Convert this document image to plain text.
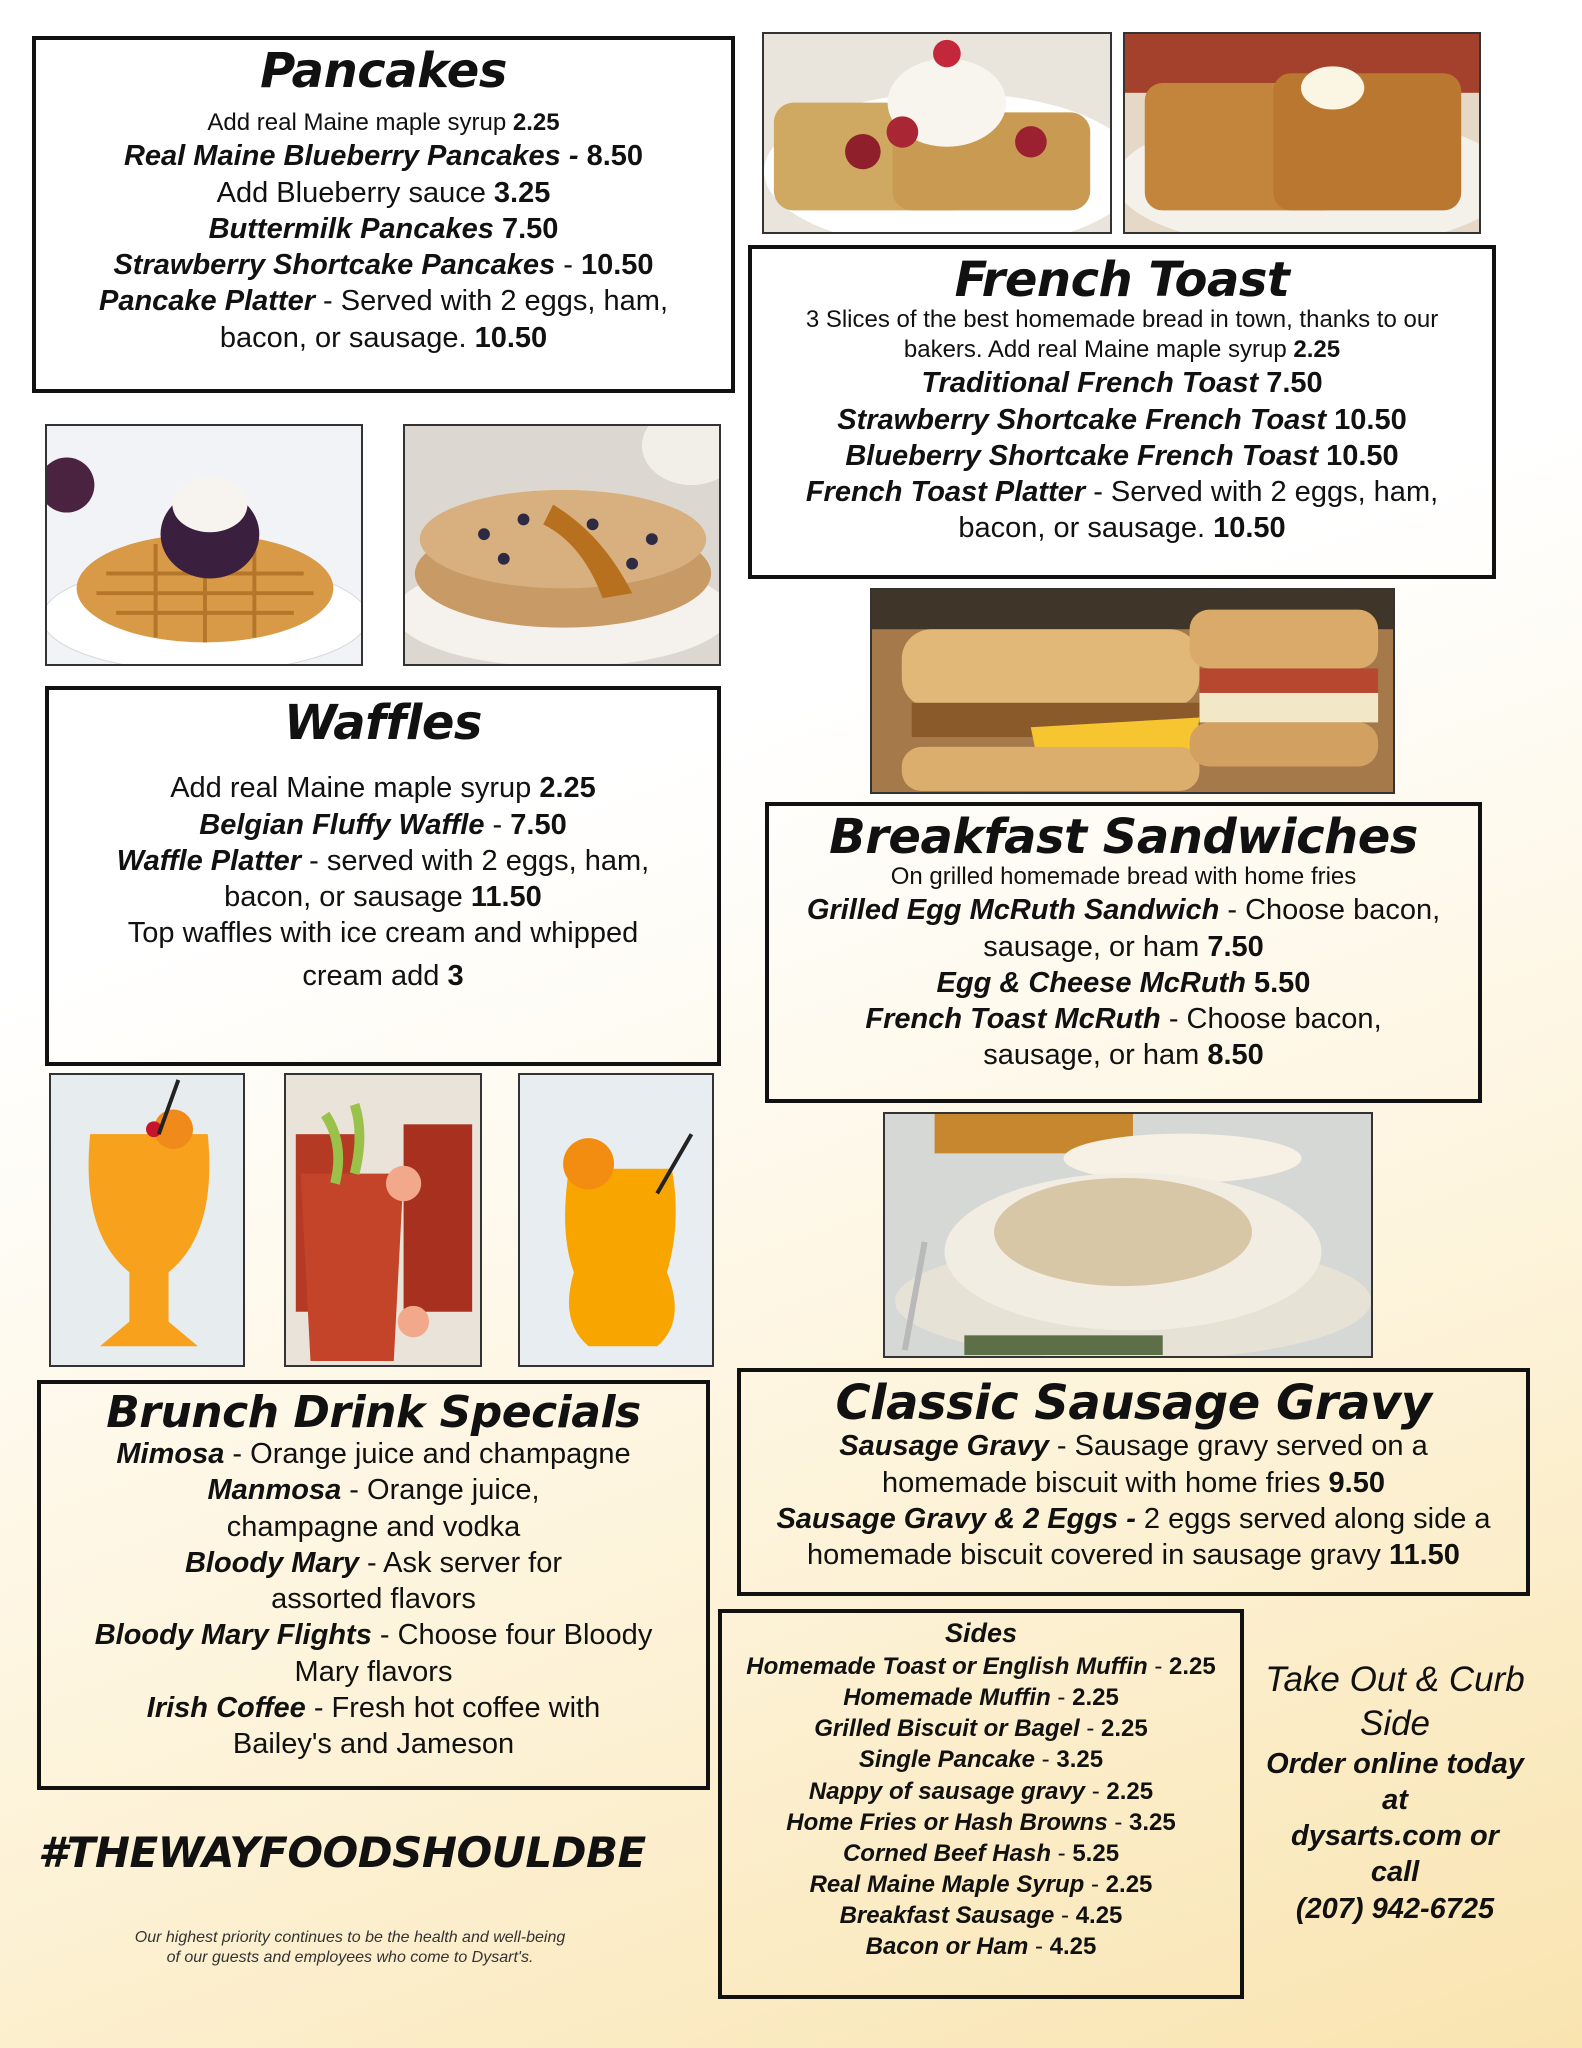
Pancakes
Add real Maine maple syrup 2.25
Real Maine Blueberry Pancakes - 8.50
Add Blueberry sauce 3.25
Buttermilk Pancakes 7.50
Strawberry Shortcake Pancakes - 10.50
Pancake Platter - Served with 2 eggs, ham,
bacon, or sausage. 10.50
French Toast
3 Slices of the best homemade bread in town, thanks to our
bakers. Add real Maine maple syrup 2.25
Traditional French Toast 7.50
Strawberry Shortcake French Toast 10.50
Blueberry Shortcake French Toast 10.50
French Toast Platter - Served with 2 eggs, ham,
bacon, or sausage. 10.50
Waffles
Add real Maine maple syrup 2.25
Belgian Fluffy Waffle - 7.50
Waffle Platter - served with 2 eggs, ham,
bacon, or sausage 11.50
Top waffles with ice cream and whipped
cream add 3
Breakfast Sandwiches
On grilled homemade bread with home fries
Grilled Egg McRuth Sandwich - Choose bacon,
sausage, or ham 7.50
Egg & Cheese McRuth 5.50
French Toast McRuth - Choose bacon,
sausage, or ham 8.50
Brunch Drink Specials
Mimosa - Orange juice and champagne
Manmosa - Orange juice,
champagne and vodka
Bloody Mary - Ask server for
assorted flavors
Bloody Mary Flights - Choose four Bloody
Mary flavors
Irish Coffee - Fresh hot coffee with
Bailey's and Jameson
Classic Sausage Gravy
Sausage Gravy - Sausage gravy served on a
homemade biscuit with home fries 9.50
Sausage Gravy & 2 Eggs - 2 eggs served along side a
homemade biscuit covered in sausage gravy 11.50
Sides
Homemade Toast or English Muffin - 2.25
Homemade Muffin - 2.25
Grilled Biscuit or Bagel - 2.25
Single Pancake - 3.25
Nappy of sausage gravy - 2.25
Home Fries or Hash Browns - 3.25
Corned Beef Hash - 5.25
Real Maine Maple Syrup - 2.25
Breakfast Sausage - 4.25
Bacon or Ham - 4.25
Take Out & Curb
Side
Order online today
at
dysarts.com or
call
(207) 942-6725
#THEWAYFOODSHOULDBE
Our highest priority continues to be the health and well-being
of our guests and employees who come to Dysart's.
